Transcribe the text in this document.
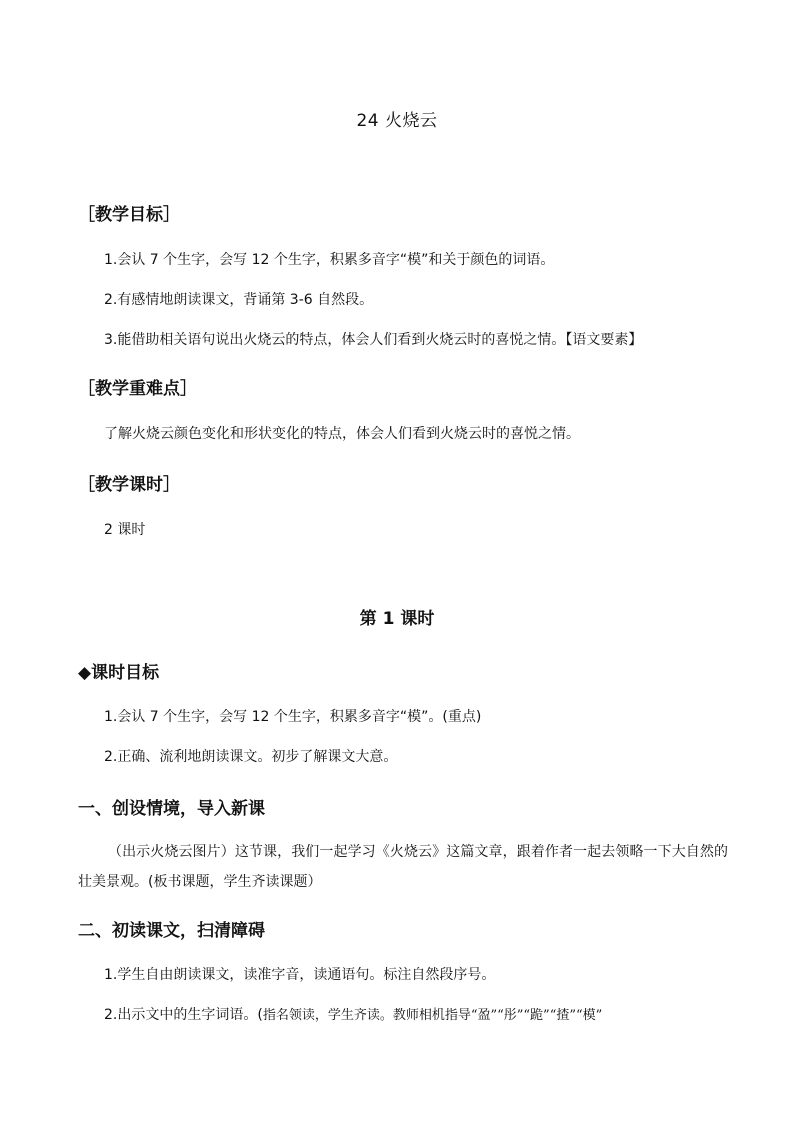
24 火烧云
［教学目标］
1.会认 7 个生字，会写 12 个生字，积累多音字“模”和关于颜色的词语。
2.有感情地朗读课文，背诵第 3-6 自然段。
3.能借助相关语句说出火烧云的特点，体会人们看到火烧云时的喜悦之情。【语文要素】
［教学重难点］
了解火烧云颜色变化和形状变化的特点，体会人们看到火烧云时的喜悦之情。
［教学课时］
2 课时
第 1 课时
◆课时目标
1.会认 7 个生字，会写 12 个生字，积累多音字“模”。(重点)
2.正确、流利地朗读课文。初步了解课文大意。
一、创设情境，导入新课
（出示火烧云图片）这节课，我们一起学习《火烧云》这篇文章，跟着作者一起去领略一下大自然的壮美景观。(板书课题，学生齐读课题）
二、初读课文，扫清障碍
1.学生自由朗读课文，读准字音，读通语句。标注自然段序号。
2.出示文中的生字词语。(指名领读，学生齐读。教师相机指导“盈”“彤”“跪”“揸”“模”
